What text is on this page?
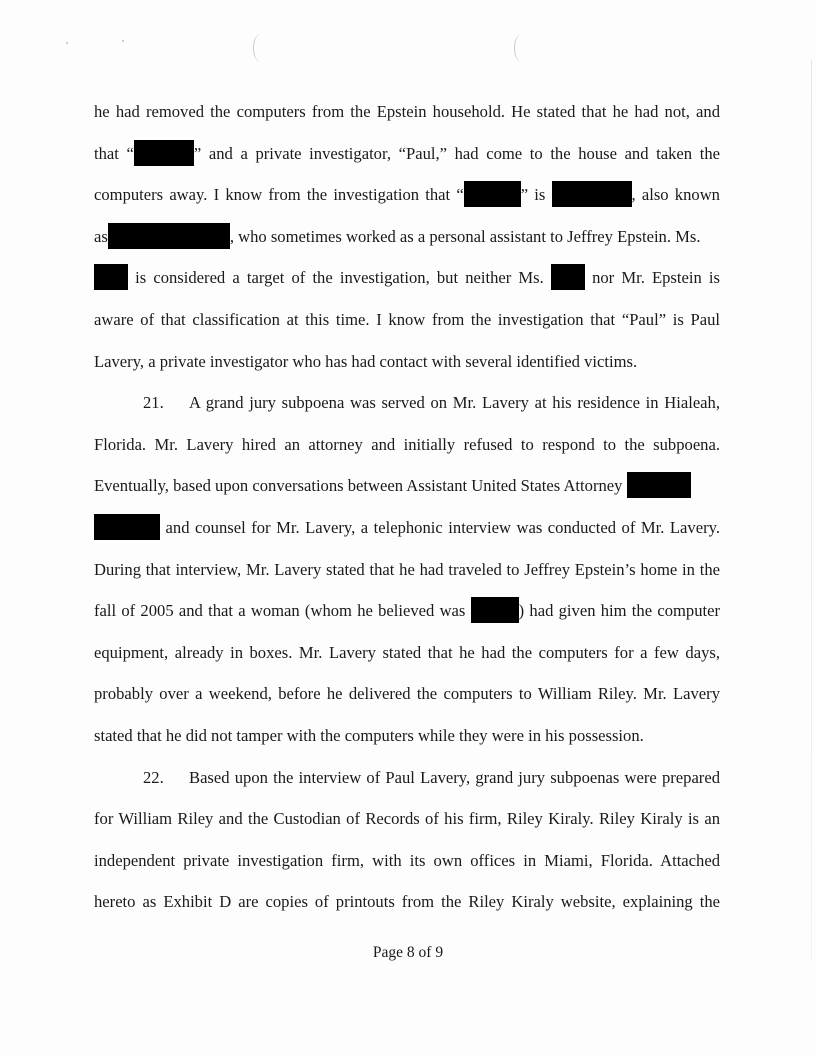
he had removed the computers from the Epstein household. He stated that he had not, and
that “	” and a private investigator, “Paul,” had come to the house and taken the
computers away. I know from the investigation that “	” is	, also known
as	, who sometimes worked as a personal assistant to Jeffrey Epstein. Ms.
is considered a target of the investigation, but neither Ms.	nor Mr. Epstein is
aware of that classification at this time. I know from the investigation that “Paul” is Paul
Lavery, a private investigator who has had contact with several identified victims.
21. A grand jury subpoena was served on Mr. Lavery at his residence in Hialeah,
Florida. Mr. Lavery hired an attorney and initially refused to respond to the subpoena.
Eventually, based upon conversations between Assistant United States Attorney
and counsel for Mr. Lavery, a telephonic interview was conducted of Mr. Lavery.
During that interview, Mr. Lavery stated that he had traveled to Jeffrey Epstein’s home in the
fall of 2005 and that a woman (whom he believed was	) had given him the computer
equipment, already in boxes. Mr. Lavery stated that he had the computers for a few days,
probably over a weekend, before he delivered the computers to William Riley. Mr. Lavery
stated that he did not tamper with the computers while they were in his possession.
22. Based upon the interview of Paul Lavery, grand jury subpoenas were prepared
for William Riley and the Custodian of Records of his firm, Riley Kiraly. Riley Kiraly is an
independent private investigation firm, with its own offices in Miami, Florida. Attached
hereto as Exhibit D are copies of printouts from the Riley Kiraly website, explaining the
Page 8 of 9
